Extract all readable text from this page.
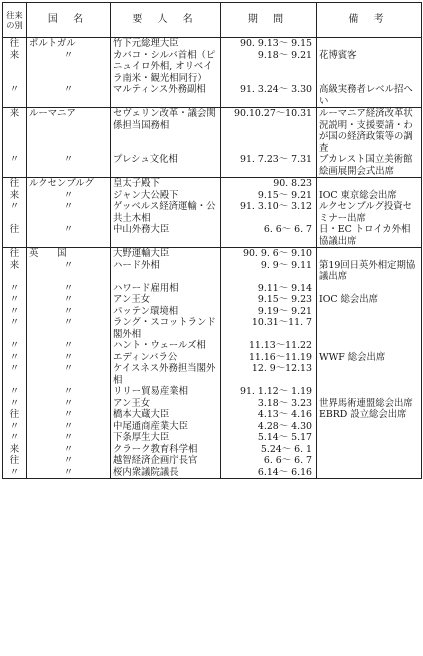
往来の別	国 名	要 人 名	期 間	備 考
往	ポルトガル	竹下元総理大臣	90. 9.13～ 9.15	
来	〃	カバコ・シルバ首相（ピニュイロ外相, オリベイラ南米・観光相同行）	9.18～ 9.21	花博賓客
〃	〃	マルティンス外務副相	91. 3.24～ 3.30	高級実務者レベル招へい
来	ルーマニア	セヴェリン改革・議会関係担当国務相	90.10.27～10.31	ルーマニア経済改革状況説明・支援要請・わが国の経済政策等の調査
〃	〃	プレシュ文化相	91. 7.23～ 7.31	ブカレスト国立美術館絵画展開会式出席
往	ルクセンブルグ	皇太子殿下	90. 8.23	
来	〃	ジャン大公殿下	9.15～ 9.21	IOC 東京総会出席
〃	〃	ゲッベルス経済運輸・公共土木相	91. 3.10～ 3.12	ルクセンブルグ投資セミナー出席
往	〃	中山外務大臣	6. 6～ 6. 7	日・EC トロイカ外相協議出席
往	英　　国	大野運輸大臣	90. 9. 6～ 9.10	
来	〃	ハード外相	9. 9～ 9.11	第19回日英外相定期協議出席
〃	〃	ハワード雇用相	9.11～ 9.14	
〃	〃	アン王女	9.15～ 9.23	IOC 総会出席
〃	〃	パッテン環境相	9.19～ 9.21	
〃	〃	ラング・スコットランド閣外相	10.31～11. 7	
〃	〃	ハント・ウェールズ相	11.13～11.22	
〃	〃	エディンバラ公	11.16～11.19	WWF 総会出席
〃	〃	ケイスネス外務担当閣外相	12. 9～12.13	
〃	〃	リリー貿易産業相	91. 1.12～ 1.19	
〃	〃	アン王女	3.18～ 3.23	世界馬術連盟総会出席
往	〃	橋本大蔵大臣	4.13～ 4.16	EBRD 設立総会出席
〃	〃	中尾通商産業大臣	4.28～ 4.30	
〃	〃	下条厚生大臣	5.14～ 5.17	
来	〃	クラーク教育科学相	5.24～ 6. 1	
往	〃	越智経済企画庁長官	6. 6～ 6. 7	
〃	〃	桜内衆議院議長	6.14～ 6.16	
